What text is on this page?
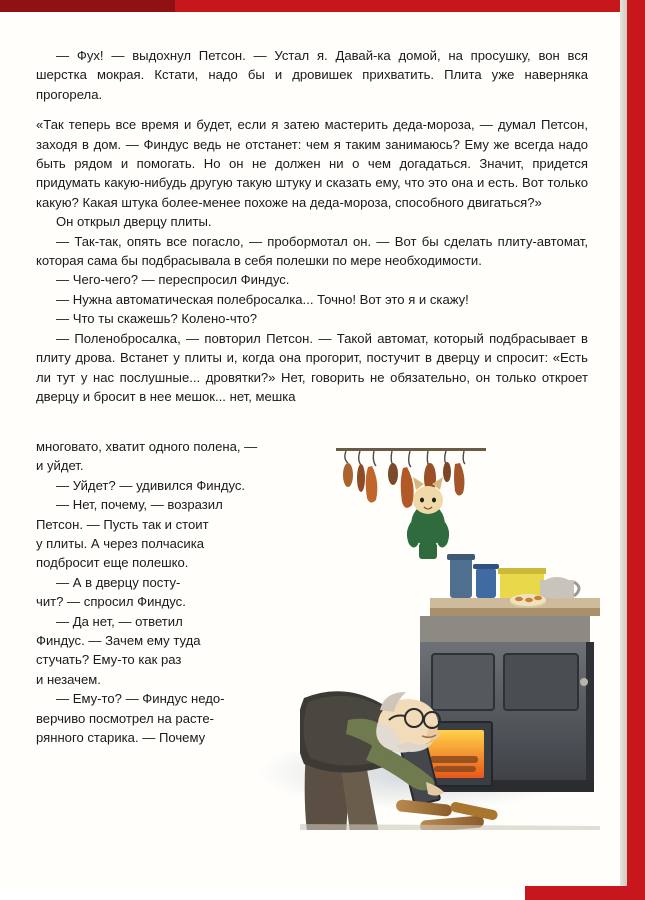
— Фух! — выдохнул Петсон. — Устал я. Давай-ка домой, на просушку, вон вся шерстка мокрая. Кстати, надо бы и дровишек прихватить. Плита уже наверняка прогорела.

«Так теперь все время и будет, если я затею мастерить деда-мороза, — думал Петсон, заходя в дом. — Финдус ведь не отстанет: чем я таким занимаюсь? Ему же всегда надо быть рядом и помогать. Но он не должен ни о чем догадаться. Значит, придется придумать какую-нибудь другую такую штуку и сказать ему, что это она и есть. Вот только какую? Какая штука более-менее похоже на деда-мороза, способного двигаться?»

Он открыл дверцу плиты.

— Так-так, опять все погасло, — пробормотал он. — Вот бы сделать плиту-автомат, которая сама бы подбрасывала в себя полешки по мере необходимости.

— Чего-чего? — переспросил Финдус.

— Нужна автоматическая полебросалка... Точно! Вот это я и скажу!

— Что ты скажешь? Колено-что?

— Поленобросалка, — повторил Петсон. — Такой автомат, который подбрасывает в плиту дрова. Встанет у плиты и, когда она прогорит, постучит в дверцу и спросит: «Есть ли тут у нас послушные... дровятки?» Нет, говорить не обязательно, он только откроет дверцу и бросит в нее мешок... нет, мешка

многовато, хватит одного полена, —

и уйдет.

— Уйдет? — удивился Финдус.

— Нет, почему, — возразил

Петсон. — Пусть так и стоит

у плиты. А через полчасика

подбросит еще полешко.

— А в дверцу посту-

чит? — спросил Финдус.

— Да нет, — ответил

Финдус. — Зачем ему туда

стучать? Ему-то как раз

и незачем.

— Ему-то? — Финдус недо-

верчиво посмотрел на расте-

рянного старика. — Почему
